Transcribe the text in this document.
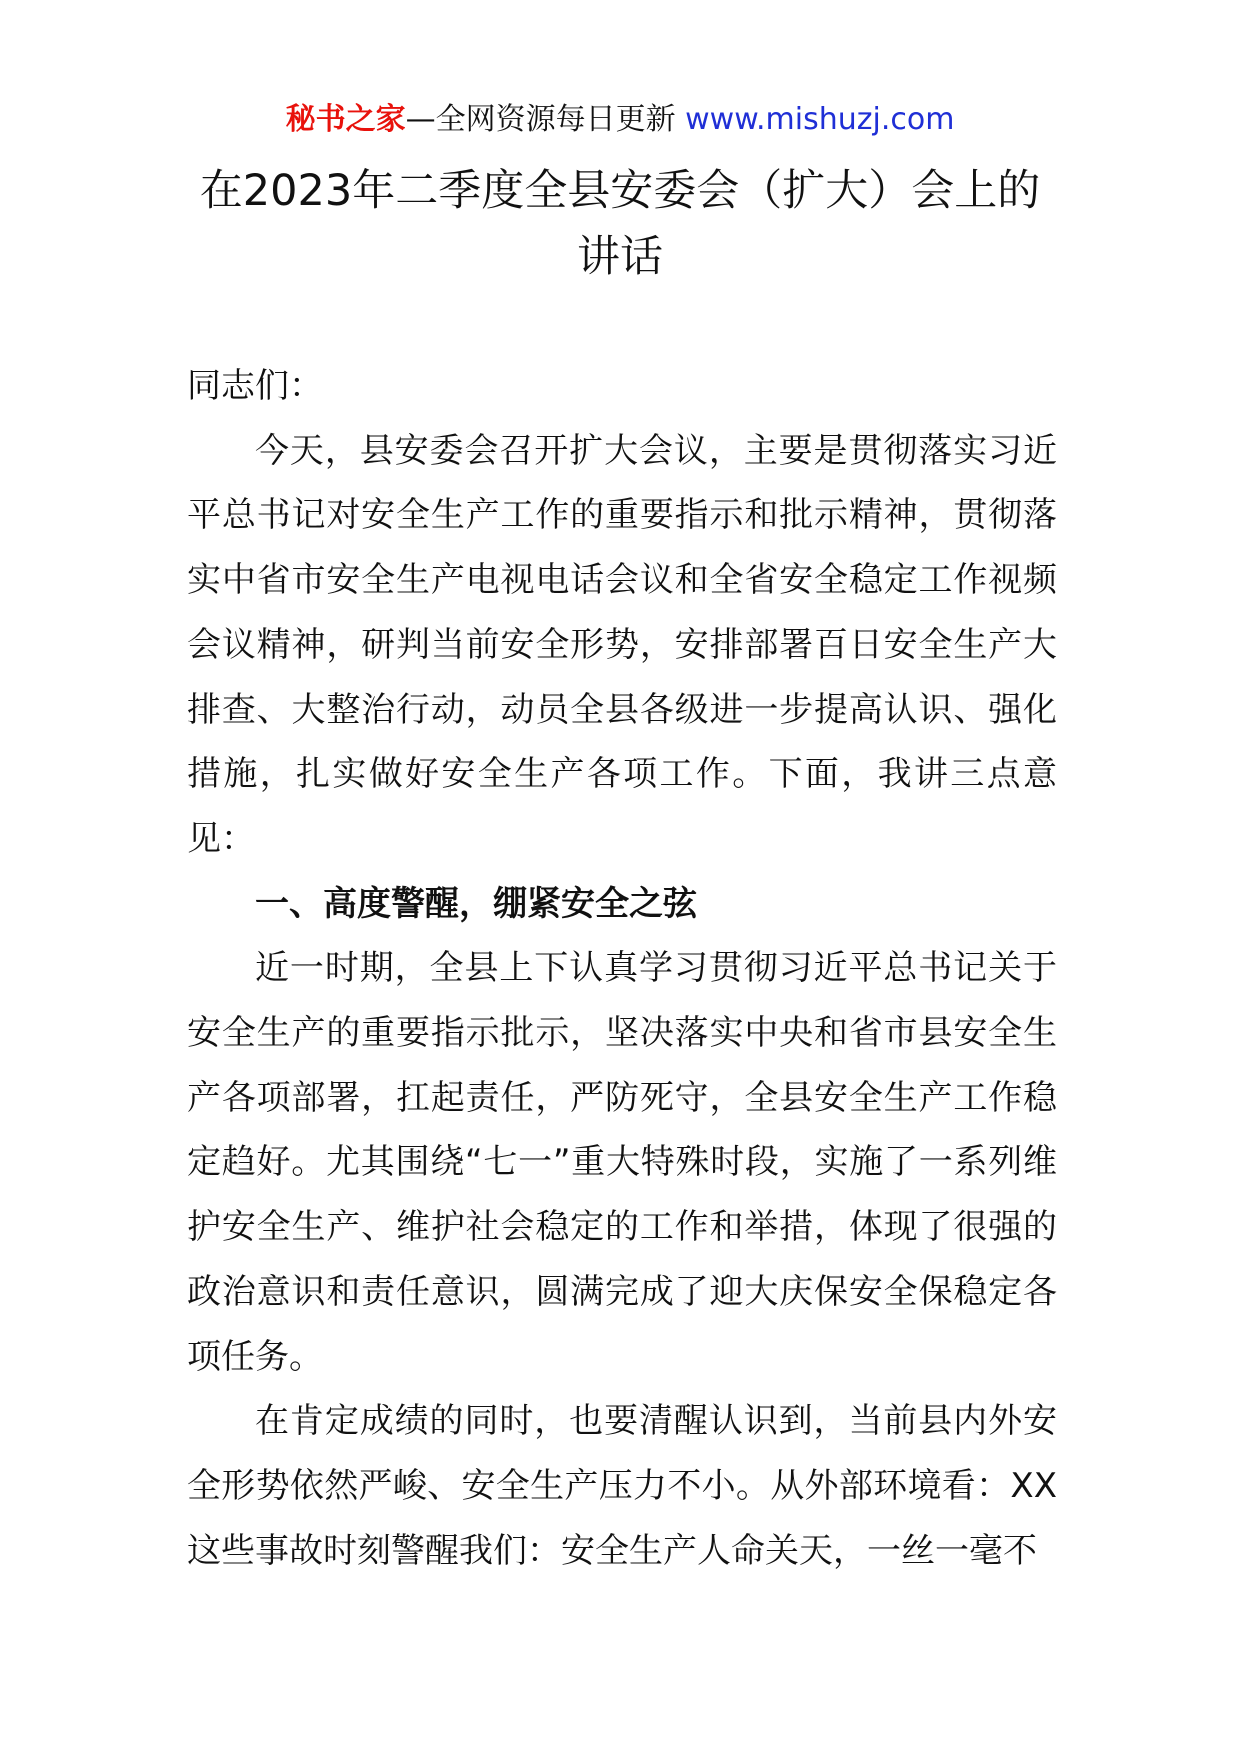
秘书之家—全网资源每日更新 www.mishuzj.com
在2023年二季度全县安委会（扩大）会上的讲话

同志们：

今天，县安委会召开扩大会议，主要是贯彻落实习近平总书记对安全生产工作的重要指示和批示精神，贯彻落实中省市安全生产电视电话会议和全省安全稳定工作视频会议精神，研判当前安全形势，安排部署百日安全生产大排查、大整治行动，动员全县各级进一步提高认识、强化措施，扎实做好安全生产各项工作。下面，我讲三点意见：

一、高度警醒，绷紧安全之弦

近一时期，全县上下认真学习贯彻习近平总书记关于安全生产的重要指示批示，坚决落实中央和省市县安全生产各项部署，扛起责任，严防死守，全县安全生产工作稳定趋好。尤其围绕“七一”重大特殊时段，实施了一系列维护安全生产、维护社会稳定的工作和举措，体现了很强的政治意识和责任意识，圆满完成了迎大庆保安全保稳定各项任务。

在肯定成绩的同时，也要清醒认识到，当前县内外安全形势依然严峻、安全生产压力不小。从外部环境看：XX这些事故时刻警醒我们：安全生产人命关天，一丝一毫不
